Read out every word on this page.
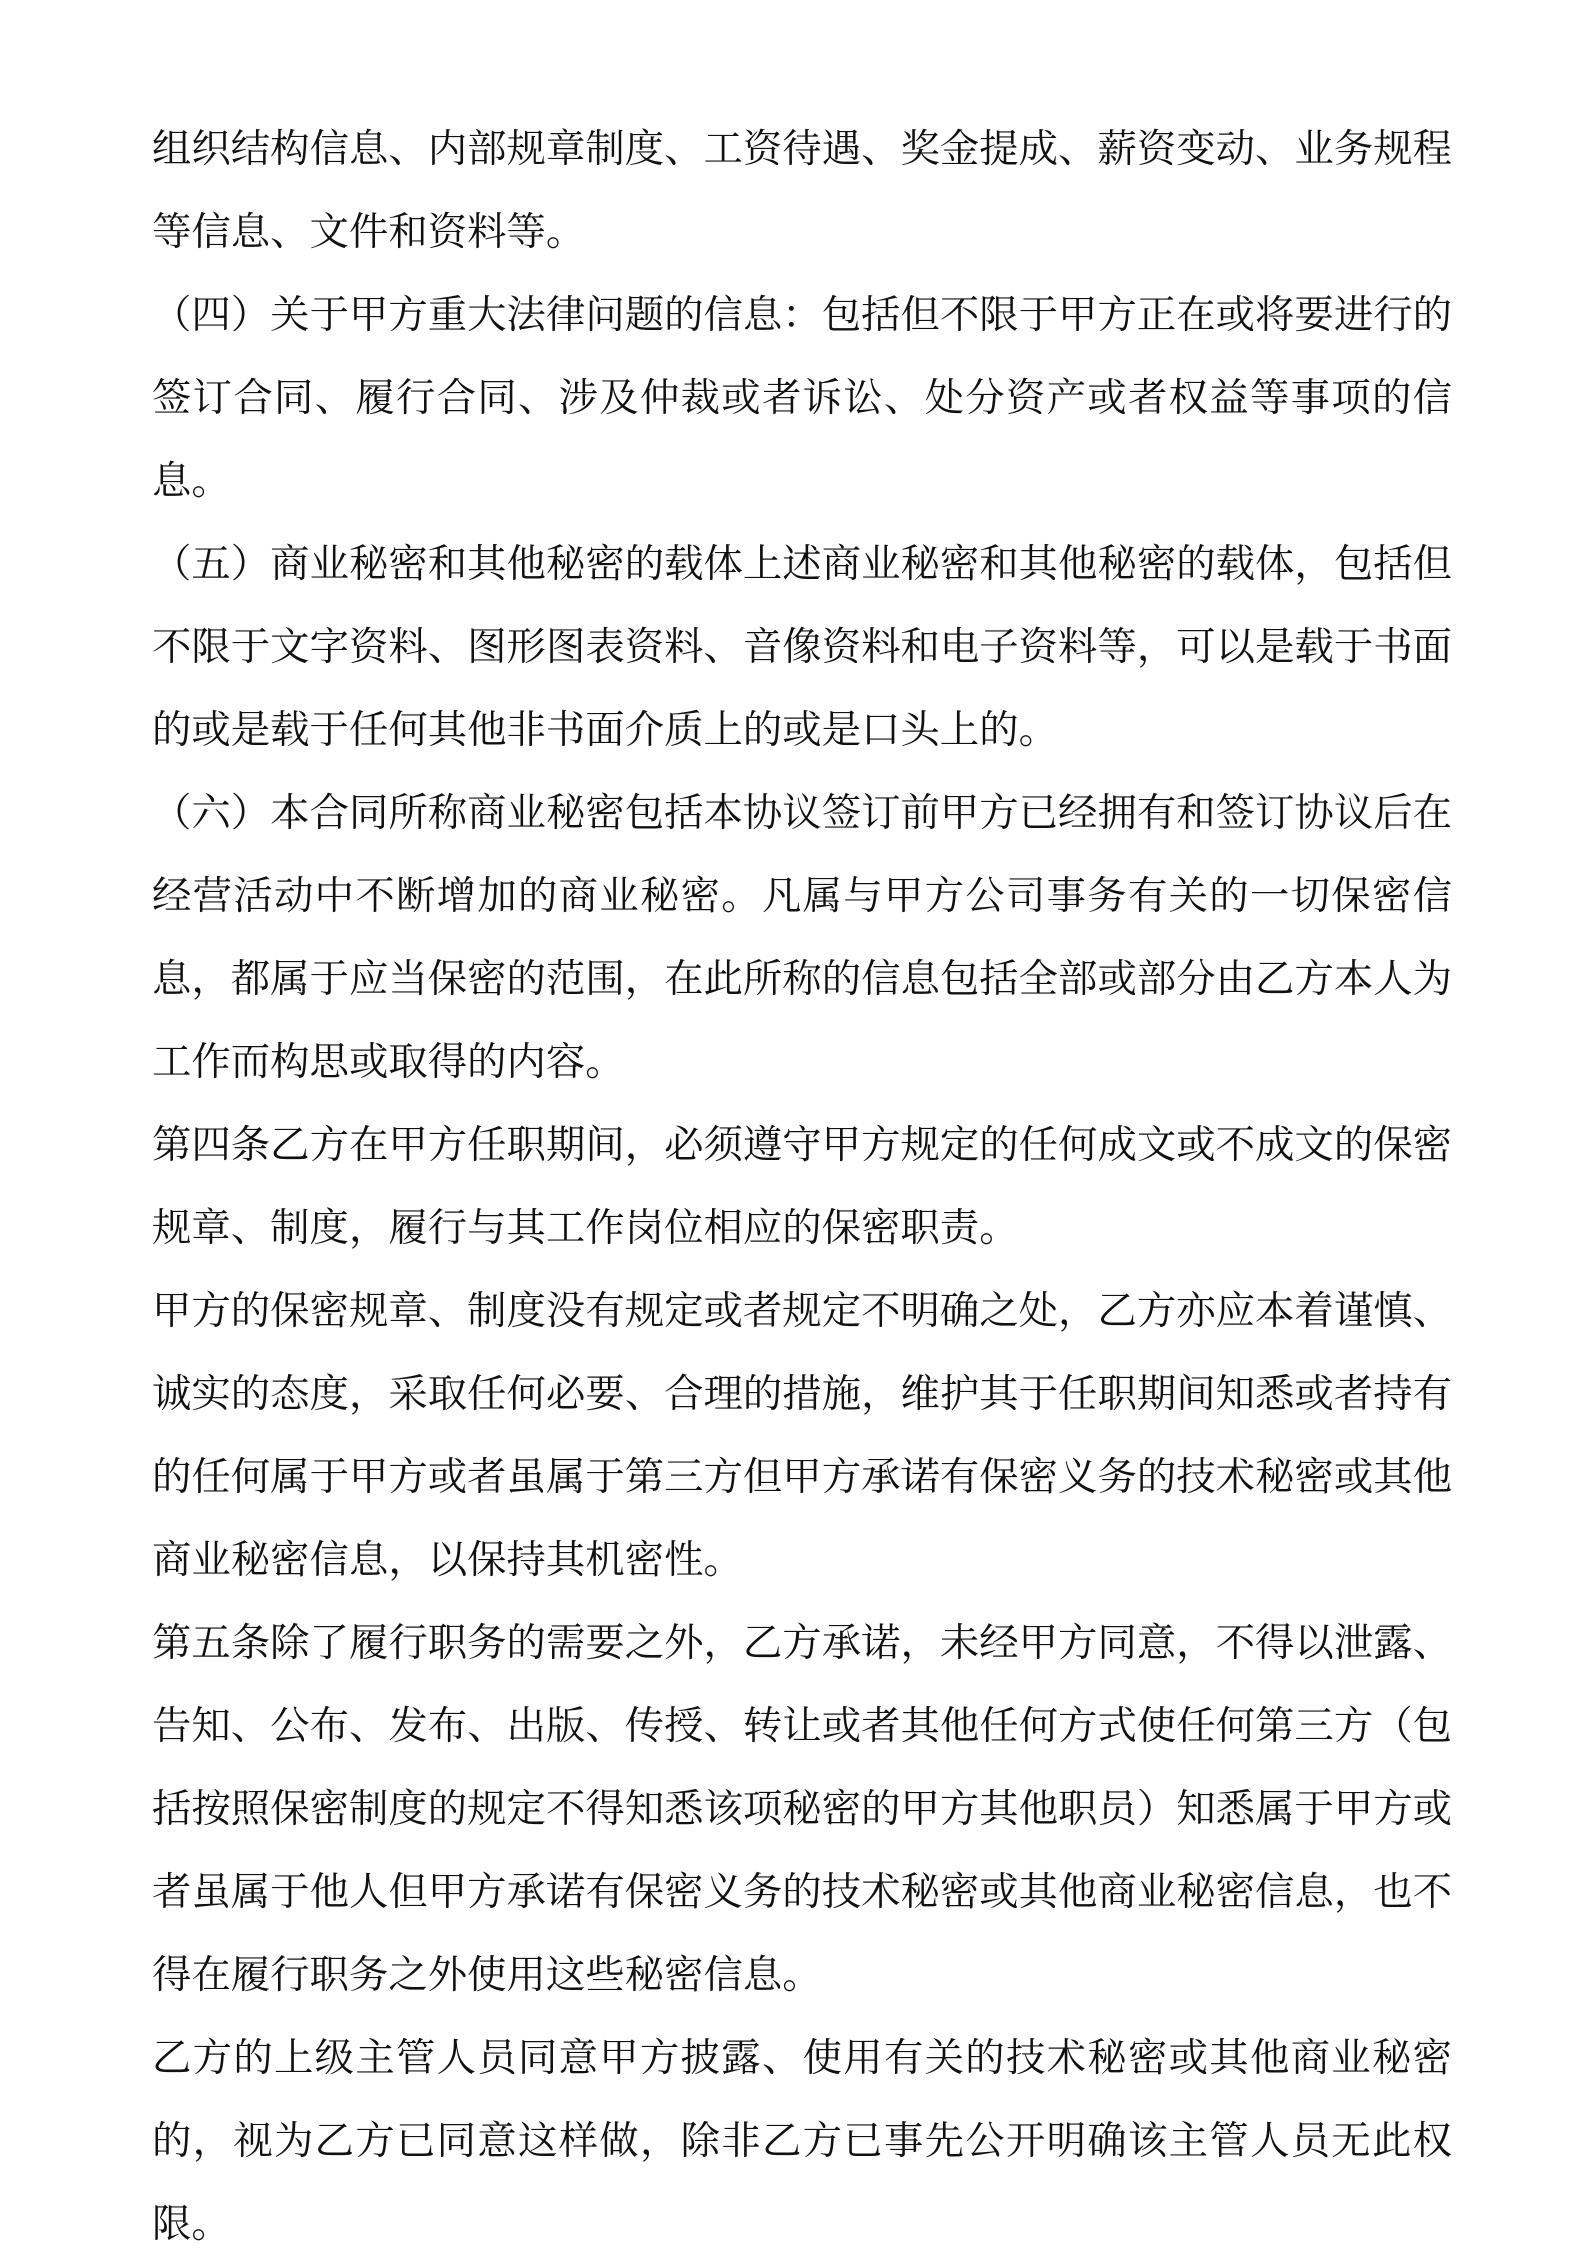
组织结构信息、内部规章制度、工资待遇、奖金提成、薪资变动、业务规程等信息、文件和资料等。

（四）关于甲方重大法律问题的信息：包括但不限于甲方正在或将要进行的签订合同、履行合同、涉及仲裁或者诉讼、处分资产或者权益等事项的信息。

（五）商业秘密和其他秘密的载体上述商业秘密和其他秘密的载体，包括但不限于文字资料、图形图表资料、音像资料和电子资料等，可以是载于书面的或是载于任何其他非书面介质上的或是口头上的。

（六）本合同所称商业秘密包括本协议签订前甲方已经拥有和签订协议后在经营活动中不断增加的商业秘密。凡属与甲方公司事务有关的一切保密信息，都属于应当保密的范围，在此所称的信息包括全部或部分由乙方本人为工作而构思或取得的内容。

第四条乙方在甲方任职期间，必须遵守甲方规定的任何成文或不成文的保密规章、制度，履行与其工作岗位相应的保密职责。

甲方的保密规章、制度没有规定或者规定不明确之处，乙方亦应本着谨慎、诚实的态度，采取任何必要、合理的措施，维护其于任职期间知悉或者持有的任何属于甲方或者虽属于第三方但甲方承诺有保密义务的技术秘密或其他商业秘密信息，以保持其机密性。

第五条除了履行职务的需要之外，乙方承诺，未经甲方同意，不得以泄露、告知、公布、发布、出版、传授、转让或者其他任何方式使任何第三方（包括按照保密制度的规定不得知悉该项秘密的甲方其他职员）知悉属于甲方或者虽属于他人但甲方承诺有保密义务的技术秘密或其他商业秘密信息，也不得在履行职务之外使用这些秘密信息。

乙方的上级主管人员同意甲方披露、使用有关的技术秘密或其他商业秘密的，视为乙方已同意这样做，除非乙方已事先公开明确该主管人员无此权限。
